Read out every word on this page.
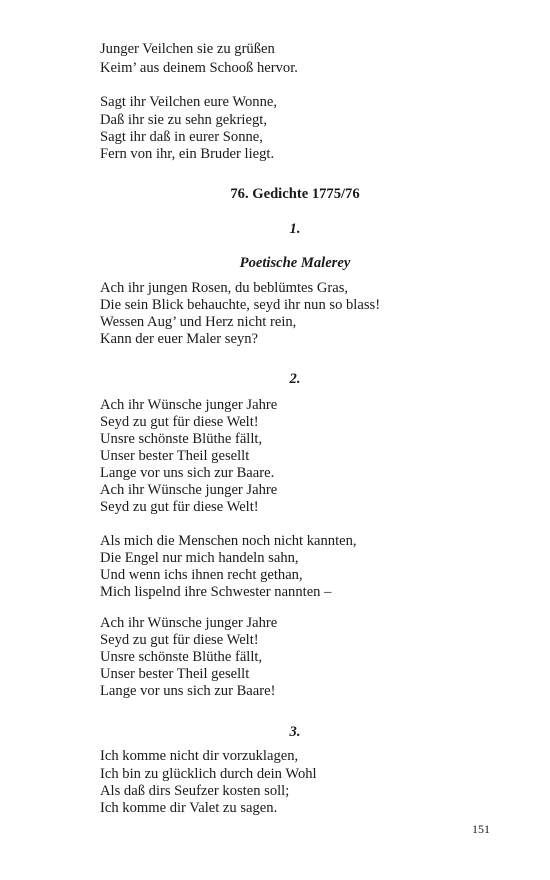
Junger Veilchen sie zu grüßen
Keim’ aus deinem Schooß hervor.
Sagt ihr Veilchen eure Wonne,
Daß ihr sie zu sehn gekriegt,
Sagt ihr daß in eurer Sonne,
Fern von ihr, ein Bruder liegt.
76. Gedichte 1775/76
1.
Poetische Malerey
Ach ihr jungen Rosen, du beblümtes Gras,
Die sein Blick behauchte, seyd ihr nun so blass!
Wessen Aug’ und Herz nicht rein,
Kann der euer Maler seyn?
2.
Ach ihr Wünsche junger Jahre
Seyd zu gut für diese Welt!
Unsre schönste Blüthe fällt,
Unser bester Theil gesellt
Lange vor uns sich zur Baare.
Ach ihr Wünsche junger Jahre
Seyd zu gut für diese Welt!
Als mich die Menschen noch nicht kannten,
Die Engel nur mich handeln sahn,
Und wenn ichs ihnen recht gethan,
Mich lispelnd ihre Schwester nannten –
Ach ihr Wünsche junger Jahre
Seyd zu gut für diese Welt!
Unsre schönste Blüthe fällt,
Unser bester Theil gesellt
Lange vor uns sich zur Baare!
3.
Ich komme nicht dir vorzuklagen,
Ich bin zu glücklich durch dein Wohl
Als daß dirs Seufzer kosten soll;
Ich komme dir Valet zu sagen.
151
